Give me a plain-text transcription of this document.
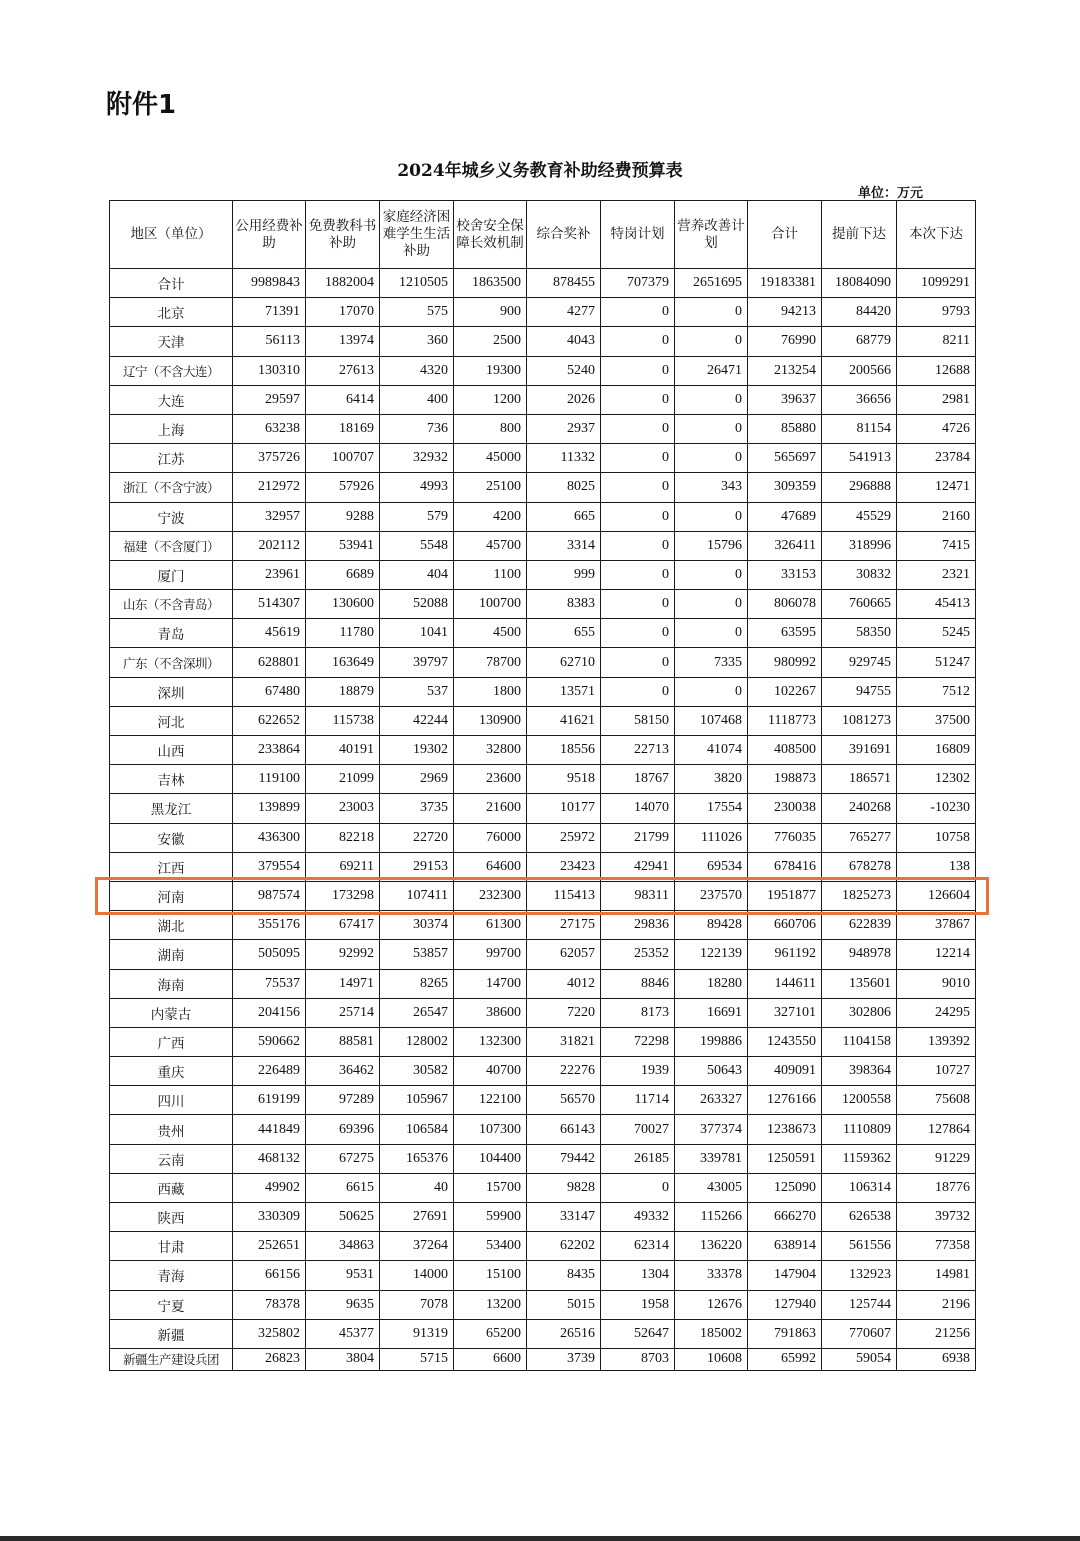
附件1
2024年城乡义务教育补助经费预算表
单位：万元
地区（单位）	公用经费补助	免费教科书补助	家庭经济困难学生生活补助	校舍安全保障长效机制	综合奖补	特岗计划	营养改善计划	合计	提前下达	本次下达
合计	9989843	1882004	1210505	1863500	878455	707379	2651695	19183381	18084090	1099291
北京	71391	17070	575	900	4277	0	0	94213	84420	9793
天津	56113	13974	360	2500	4043	0	0	76990	68779	8211
辽宁（不含大连）	130310	27613	4320	19300	5240	0	26471	213254	200566	12688
大连	29597	6414	400	1200	2026	0	0	39637	36656	2981
上海	63238	18169	736	800	2937	0	0	85880	81154	4726
江苏	375726	100707	32932	45000	11332	0	0	565697	541913	23784
浙江（不含宁波）	212972	57926	4993	25100	8025	0	343	309359	296888	12471
宁波	32957	9288	579	4200	665	0	0	47689	45529	2160
福建（不含厦门）	202112	53941	5548	45700	3314	0	15796	326411	318996	7415
厦门	23961	6689	404	1100	999	0	0	33153	30832	2321
山东（不含青岛）	514307	130600	52088	100700	8383	0	0	806078	760665	45413
青岛	45619	11780	1041	4500	655	0	0	63595	58350	5245
广东（不含深圳）	628801	163649	39797	78700	62710	0	7335	980992	929745	51247
深圳	67480	18879	537	1800	13571	0	0	102267	94755	7512
河北	622652	115738	42244	130900	41621	58150	107468	1118773	1081273	37500
山西	233864	40191	19302	32800	18556	22713	41074	408500	391691	16809
吉林	119100	21099	2969	23600	9518	18767	3820	198873	186571	12302
黑龙江	139899	23003	3735	21600	10177	14070	17554	230038	240268	-10230
安徽	436300	82218	22720	76000	25972	21799	111026	776035	765277	10758
江西	379554	69211	29153	64600	23423	42941	69534	678416	678278	138
河南	987574	173298	107411	232300	115413	98311	237570	1951877	1825273	126604
湖北	355176	67417	30374	61300	27175	29836	89428	660706	622839	37867
湖南	505095	92992	53857	99700	62057	25352	122139	961192	948978	12214
海南	75537	14971	8265	14700	4012	8846	18280	144611	135601	9010
内蒙古	204156	25714	26547	38600	7220	8173	16691	327101	302806	24295
广西	590662	88581	128002	132300	31821	72298	199886	1243550	1104158	139392
重庆	226489	36462	30582	40700	22276	1939	50643	409091	398364	10727
四川	619199	97289	105967	122100	56570	11714	263327	1276166	1200558	75608
贵州	441849	69396	106584	107300	66143	70027	377374	1238673	1110809	127864
云南	468132	67275	165376	104400	79442	26185	339781	1250591	1159362	91229
西藏	49902	6615	40	15700	9828	0	43005	125090	106314	18776
陕西	330309	50625	27691	59900	33147	49332	115266	666270	626538	39732
甘肃	252651	34863	37264	53400	62202	62314	136220	638914	561556	77358
青海	66156	9531	14000	15100	8435	1304	33378	147904	132923	14981
宁夏	78378	9635	7078	13200	5015	1958	12676	127940	125744	2196
新疆	325802	45377	91319	65200	26516	52647	185002	791863	770607	21256
新疆生产建设兵团	26823	3804	5715	6600	3739	8703	10608	65992	59054	6938
